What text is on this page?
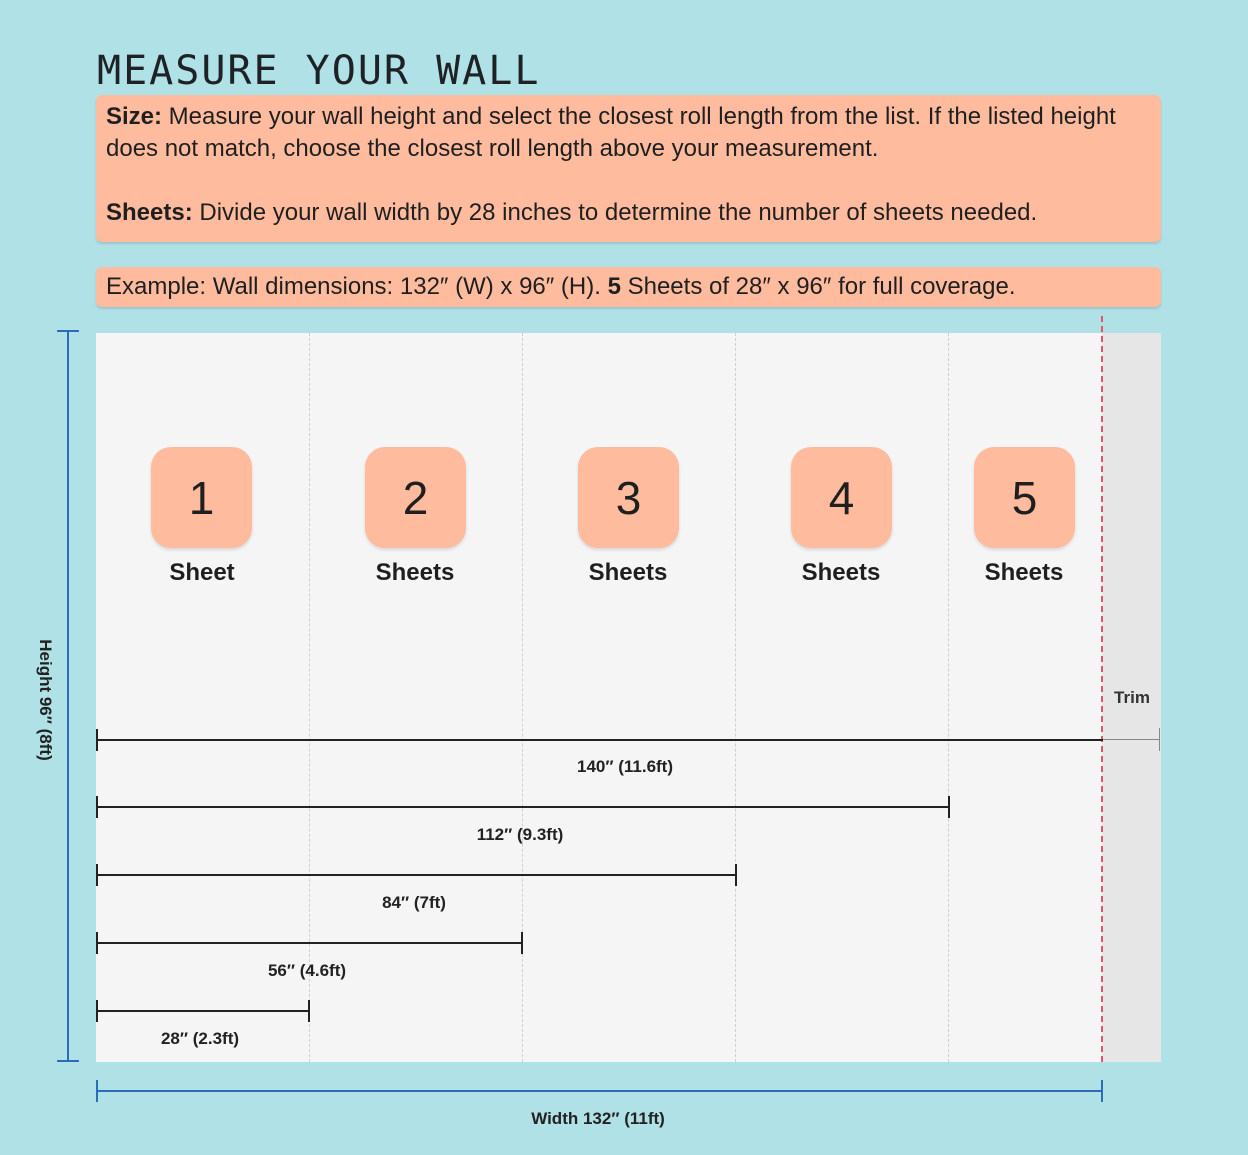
MEASURE YOUR WALL

Size: Measure your wall height and select the closest roll length from the list. If the listed height does not match, choose the closest roll length above your measurement.

Sheets: Divide your wall width by 28 inches to determine the number of sheets needed.

Example: Wall dimensions: 132″ (W) x 96″ (H). 5 Sheets of 28″ x 96″ for full coverage.
1	2	3	4	5
Sheet	Sheets	Sheets	Sheets	Sheets
Trim
140″ (11.6ft)
112″ (9.3ft)
84″ (7ft)
56″ (4.6ft)
28″ (2.3ft)
Height 96″ (8ft)
Width 132″ (11ft)
